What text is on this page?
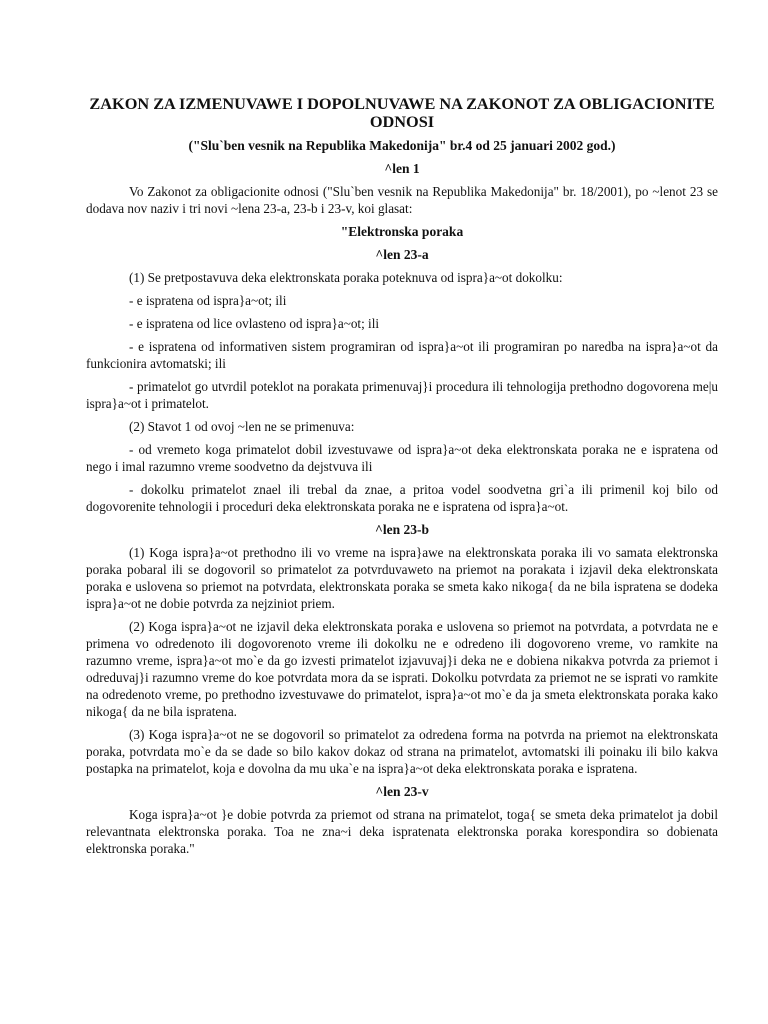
ZAKON ZA IZMENUVAWE I DOPOLNUVAWE NA ZAKONOT ZA OBLIGACIONITE ODNOSI
("Slu`ben vesnik na Republika Makedonija" br.4 od 25 januari 2002 god.)
^len 1
Vo Zakonot za obligacionite odnosi ("Slu`ben vesnik na Republika Makedonija" br. 18/2001), po ~lenot 23 se dodava nov naziv i tri novi ~lena 23-a, 23-b i 23-v, koi glasat:
"Elektronska poraka
^len 23-a
(1) Se pretpostavuva deka elektronskata poraka poteknuva od ispra}a~ot dokolku:
- e ispratena od ispra}a~ot; ili
- e ispratena od lice ovlasteno od ispra}a~ot; ili
- e ispratena od informativen sistem programiran od ispra}a~ot ili programiran po naredba na ispra}a~ot da funkcionira avtomatski; ili
- primatelot go utvrdil poteklot na porakata primenuvaj}i procedura ili tehnologija prethodno dogovorena me|u ispra}a~ot i primatelot.
(2) Stavot 1 od ovoj ~len ne se primenuva:
- od vremeto koga primatelot dobil izvestuvawe od ispra}a~ot deka elektronskata poraka ne e ispratena od nego i imal razumno vreme soodvetno da dejstvuva ili
- dokolku primatelot znael ili trebal da znae, a pritoa vodel soodvetna gri`a ili primenil koj bilo od dogovorenite tehnologii i proceduri deka elektronskata poraka ne e ispratena od ispra}a~ot.
^len 23-b
(1) Koga ispra}a~ot prethodno ili vo vreme na ispra}awe na elektronskata poraka ili vo samata elektronska poraka pobaral ili se dogovoril so primatelot za potvrduvaweto na priemot na porakata i izjavil deka elektronskata poraka e uslovena so priemot na potvrdata, elektronskata poraka se smeta kako nikoga{ da ne bila ispratena se dodeka ispra}a~ot ne dobie potvrda za nejziniot priem.
(2) Koga ispra}a~ot ne izjavil deka elektronskata poraka e uslovena so priemot na potvrdata, a potvrdata ne e primena vo odredenoto ili dogovorenoto vreme ili dokolku ne e odredeno ili dogovoreno vreme, vo ramkite na razumno vreme, ispra}a~ot mo`e da go izvesti primatelot izjavuvaj}i deka ne e dobiena nikakva potvrda za priemot i odreduvaj}i razumno vreme do koe potvrdata mora da se isprati. Dokolku potvrdata za priemot ne se isprati vo ramkite na odredenoto vreme, po prethodno izvestuvawe do primatelot, ispra}a~ot mo`e da ja smeta elektronskata poraka kako nikoga{ da ne bila ispratena.
(3) Koga ispra}a~ot ne se dogovoril so primatelot za odredena forma na potvrda na priemot na elektronskata poraka, potvrdata mo`e da se dade so bilo kakov dokaz od strana na primatelot, avtomatski ili poinaku ili bilo kakva postapka na primatelot, koja e dovolna da mu uka`e na ispra}a~ot deka elektronskata poraka e ispratena.
^len 23-v
Koga ispra}a~ot }e dobie potvrda za priemot od strana na primatelot, toga{ se smeta deka primatelot ja dobil relevantnata elektronska poraka. Toa ne zna~i deka ispratenata elektronska poraka korespondira so dobienata elektronska poraka."
